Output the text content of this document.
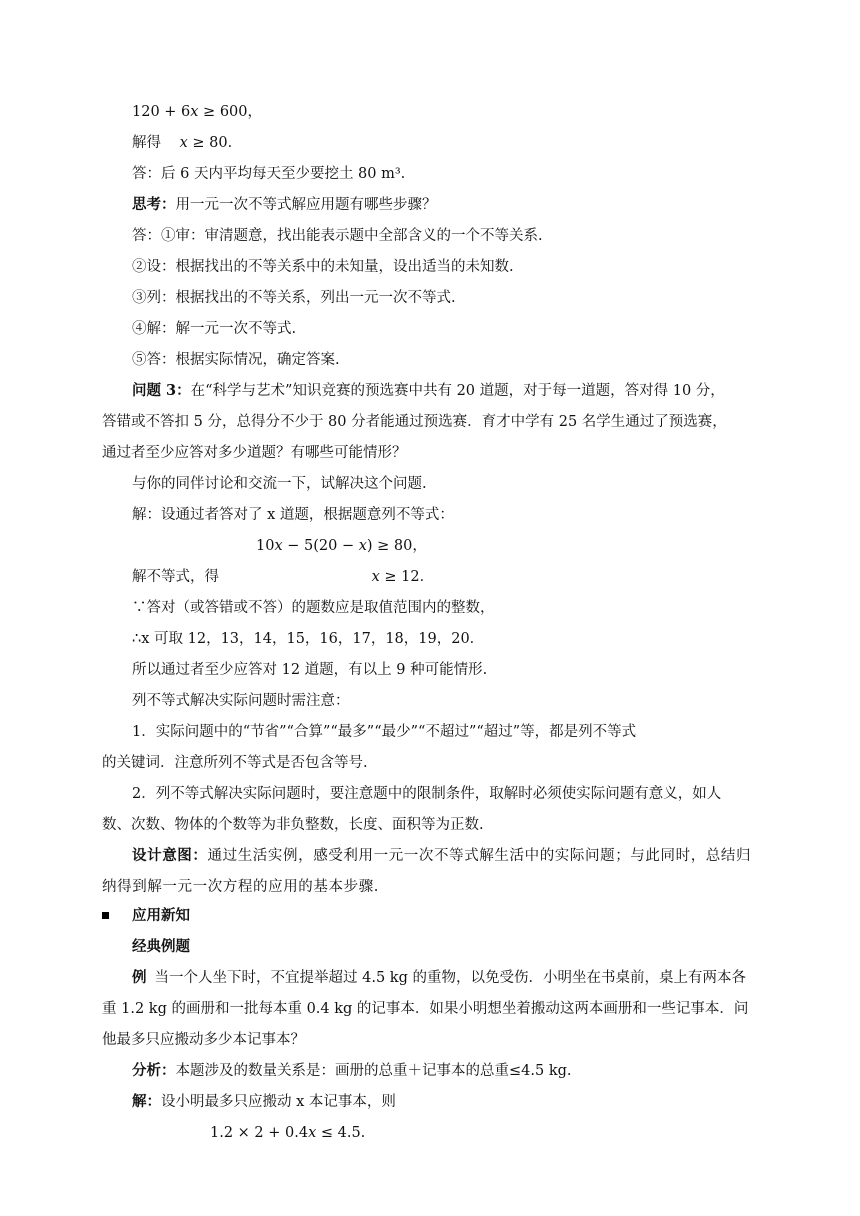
120 + 6𝑥 ≥ 600，
解得 𝑥 ≥ 80．
答：后 6 天内平均每天至少要挖土 80 m³.
思考：用一元一次不等式解应用题有哪些步骤？
答：①审：审清题意，找出能表示题中全部含义的一个不等关系.
②设：根据找出的不等关系中的未知量，设出适当的未知数.
③列：根据找出的不等关系，列出一元一次不等式.
④解：解一元一次不等式.
⑤答：根据实际情况，确定答案.
问题 3：在“科学与艺术”知识竞赛的预选赛中共有 20 道题，对于每一道题，答对得 10 分，
答错或不答扣 5 分，总得分不少于 80 分者能通过预选赛．育才中学有 25 名学生通过了预选赛，
通过者至少应答对多少道题？有哪些可能情形？
与你的同伴讨论和交流一下，试解决这个问题.
解：设通过者答对了 x 道题，根据题意列不等式：
10𝑥 − 5(20 − 𝑥) ≥ 80，
解不等式，得	𝑥 ≥ 12．
∵答对（或答错或不答）的题数应是取值范围内的整数，
∴x 可取 12，13，14，15，16，17，18，19，20．
所以通过者至少应答对 12 道题，有以上 9 种可能情形.
列不等式解决实际问题时需注意：
1．实际问题中的“节省”“合算”“最多”“最少”“不超过”“超过”等，都是列不等式
的关键词．注意所列不等式是否包含等号.
2．列不等式解决实际问题时，要注意题中的限制条件，取解时必须使实际问题有意义，如人
数、次数、物体的个数等为非负整数，长度、面积等为正数.
设计意图：通过生活实例，感受利用一元一次不等式解生活中的实际问题；与此同时，总结归
纳得到解一元一次方程的应用的基本步骤.
应用新知
经典例题
例 当一个人坐下时，不宜提举超过 4.5 kg 的重物，以免受伤．小明坐在书桌前，桌上有两本各
重 1.2 kg 的画册和一批每本重 0.4 kg 的记事本．如果小明想坐着搬动这两本画册和一些记事本．问
他最多只应搬动多少本记事本？
分析：本题涉及的数量关系是：画册的总重＋记事本的总重≤4.5 kg.
解：设小明最多只应搬动 x 本记事本，则
1.2 × 2 + 0.4𝑥 ≤ 4.5.
